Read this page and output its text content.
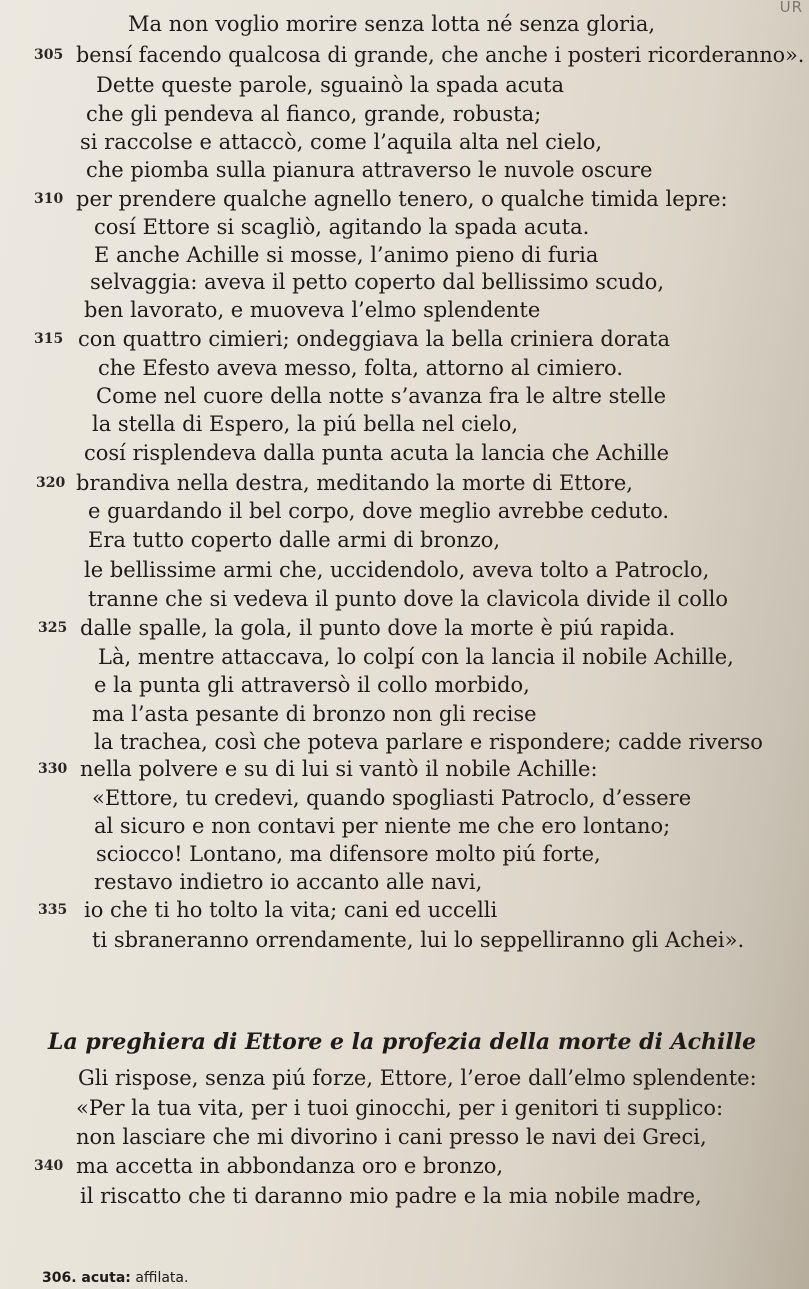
UR
Ma non voglio morire senza lotta né senza gloria,
bensí facendo qualcosa di grande, che anche i posteri ricorderanno».
305
Dette queste parole, sguainò la spada acuta
che gli pendeva al fianco, grande, robusta;
si raccolse e attaccò, come l’aquila alta nel cielo,
che piomba sulla pianura attraverso le nuvole oscure
per prendere qualche agnello tenero, o qualche timida lepre:
310
cosí Ettore si scagliò, agitando la spada acuta.
E anche Achille si mosse, l’animo pieno di furia
selvaggia: aveva il petto coperto dal bellissimo scudo,
ben lavorato, e muoveva l’elmo splendente
con quattro cimieri; ondeggiava la bella criniera dorata
315
che Efesto aveva messo, folta, attorno al cimiero.
Come nel cuore della notte s’avanza fra le altre stelle
la stella di Espero, la piú bella nel cielo,
cosí risplendeva dalla punta acuta la lancia che Achille
brandiva nella destra, meditando la morte di Ettore,
320
e guardando il bel corpo, dove meglio avrebbe ceduto.
Era tutto coperto dalle armi di bronzo,
le bellissime armi che, uccidendolo, aveva tolto a Patroclo,
tranne che si vedeva il punto dove la clavicola divide il collo
dalle spalle, la gola, il punto dove la morte è piú rapida.
325
Là, mentre attaccava, lo colpí con la lancia il nobile Achille,
e la punta gli attraversò il collo morbido,
ma l’asta pesante di bronzo non gli recise
la trachea, così che poteva parlare e rispondere; cadde riverso
nella polvere e su di lui si vantò il nobile Achille:
330
«Ettore, tu credevi, quando spogliasti Patroclo, d’essere
al sicuro e non contavi per niente me che ero lontano;
sciocco! Lontano, ma difensore molto piú forte,
restavo indietro io accanto alle navi,
io che ti ho tolto la vita; cani ed uccelli
335
ti sbraneranno orrendamente, lui lo seppelliranno gli Achei».
La preghiera di Ettore e la profezia della morte di Achille
Gli rispose, senza piú forze, Ettore, l’eroe dall’elmo splendente:
«Per la tua vita, per i tuoi ginocchi, per i genitori ti supplico:
non lasciare che mi divorino i cani presso le navi dei Greci,
ma accetta in abbondanza oro e bronzo,
340
il riscatto che ti daranno mio padre e la mia nobile madre,
306. acuta: affilata.
